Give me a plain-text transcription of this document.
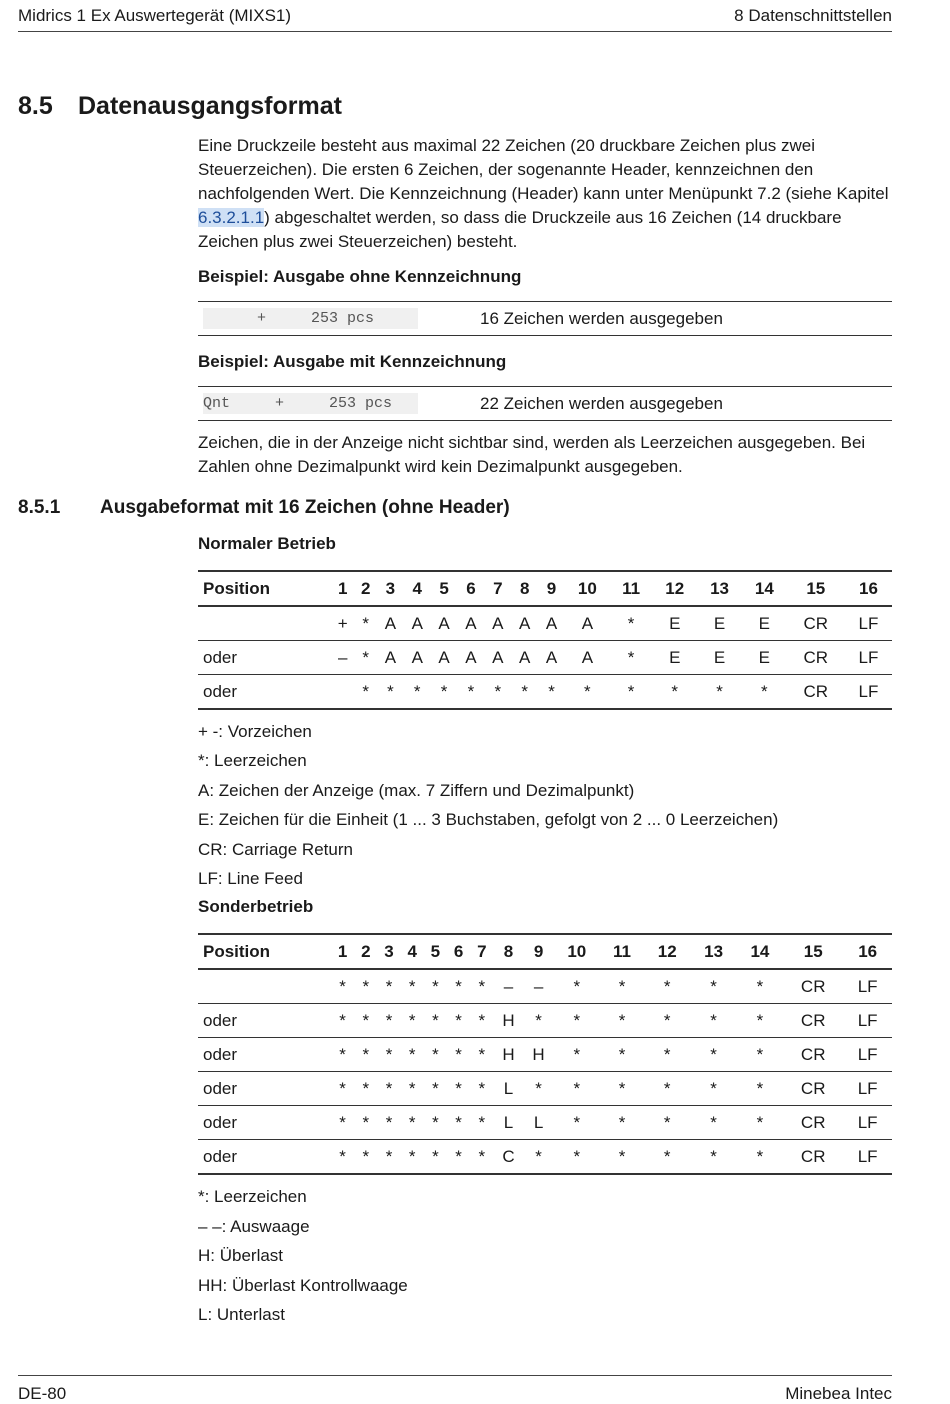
Midrics 1 Ex Auswertegerät (MIXS1)	8 Datenschnittstellen
8.5 Datenausgangsformat
Eine Druckzeile besteht aus maximal 22 Zeichen (20 druckbare Zeichen plus zwei Steuerzeichen). Die ersten 6 Zeichen, der sogenannte Header, kennzeichnen den nachfolgenden Wert. Die Kennzeichnung (Header) kann unter Menüpunkt 7.2 (siehe Kapitel 6.3.2.1.1) abgeschaltet werden, so dass die Druckzeile aus 16 Zeichen (14 druckbare Zeichen plus zwei Steuerzeichen) besteht.
Beispiel: Ausgabe ohne Kennzeichnung
+     253 pcs	16 Zeichen werden ausgegeben
Beispiel: Ausgabe mit Kennzeichnung
Qnt     +     253 pcs	22 Zeichen werden ausgegeben
Zeichen, die in der Anzeige nicht sichtbar sind, werden als Leerzeichen ausgegeben. Bei Zahlen ohne Dezimalpunkt wird kein Dezimalpunkt ausgegeben.
8.5.1 Ausgabeformat mit 16 Zeichen (ohne Header)
Normaler Betrieb
Position	1	2	3	4	5	6	7	8	9	10	11	12	13	14	15	16
	+	*	A	A	A	A	A	A	A	A	*	E	E	E	CR	LF
oder	–	*	A	A	A	A	A	A	A	A	*	E	E	E	CR	LF
oder		*	*	*	*	*	*	*	*	*	*	*	*	*	CR	LF
+ -: Vorzeichen
*: Leerzeichen
A: Zeichen der Anzeige (max. 7 Ziffern und Dezimalpunkt)
E: Zeichen für die Einheit (1 ... 3 Buchstaben, gefolgt von 2 ... 0 Leerzeichen)
CR: Carriage Return
LF: Line Feed
Sonderbetrieb
Position	1	2	3	4	5	6	7	8	9	10	11	12	13	14	15	16
	*	*	*	*	*	*	*	–	–	*	*	*	*	*	CR	LF
oder	*	*	*	*	*	*	*	H	*	*	*	*	*	*	CR	LF
oder	*	*	*	*	*	*	*	H	H	*	*	*	*	*	CR	LF
oder	*	*	*	*	*	*	*	L	*	*	*	*	*	*	CR	LF
oder	*	*	*	*	*	*	*	L	L	*	*	*	*	*	CR	LF
oder	*	*	*	*	*	*	*	C	*	*	*	*	*	*	CR	LF
*: Leerzeichen
– –: Auswaage
H: Überlast
HH: Überlast Kontrollwaage
L: Unterlast
DE-80	Minebea Intec
